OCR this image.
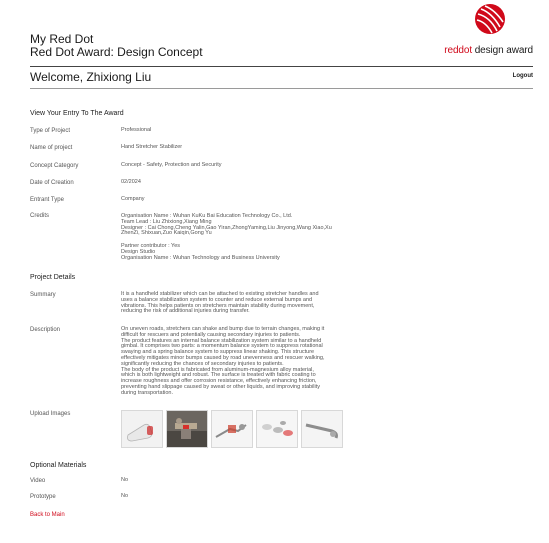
My Red Dot
Red Dot Award: Design Concept	reddot design award
Welcome, Zhixiong Liu	Logout
View Your Entry To The Award
Type of Project	Professional
Name of project	Hand Stretcher Stabilizer
Concept Category	Concept - Safety, Protection and Security
Date of Creation	02/2024
Entrant Type	Company
Credits	Organisation Name : Wuhan KuKu Bai Education Technology Co., Ltd.
Team Lead : Liu Zhixiong,Xiang Ming
Designer : Cai Chong,Cheng Yalin,Gao Yiran,ZhongYaming,Liu Jinyong,Wang Xiao,Xu
ZhenZi, Shixuan,Zuo Kaiqin,Gong Yu
Partner contributor : Yes
Design Studio
Organisation Name : Wuhan Technology and Business University
Project Details
Summary	It is a handheld stabilizer which can be attached to existing stretcher handles and
uses a balance stabilization system to counter and reduce external bumps and
vibrations. This helps patients on stretchers maintain stability during movement,
reducing the risk of additional injuries during transfer.
Description	On uneven roads, stretchers can shake and bump due to terrain changes, making it
difficult for rescuers and potentially causing secondary injuries to patients.
The product features an internal balance stabilization system similar to a handheld
gimbal. It comprises two parts: a momentum balance system to suppress rotational
swaying and a spring balance system to suppress linear shaking. This structure
effectively mitigates minor bumps caused by road unevenness and rescuer walking,
significantly reducing the chances of secondary injuries to patients.
The body of the product is fabricated from aluminum-magnesium alloy material,
which is both lightweight and robust. The surface is treated with fabric coating to
increase roughness and offer corrosion resistance, effectively enhancing friction,
preventing hand slippage caused by sweat or other liquids, and improving stability
during transportation.
Upload Images
Optional Materials
Video	No
Prototype	No
Back to Main
